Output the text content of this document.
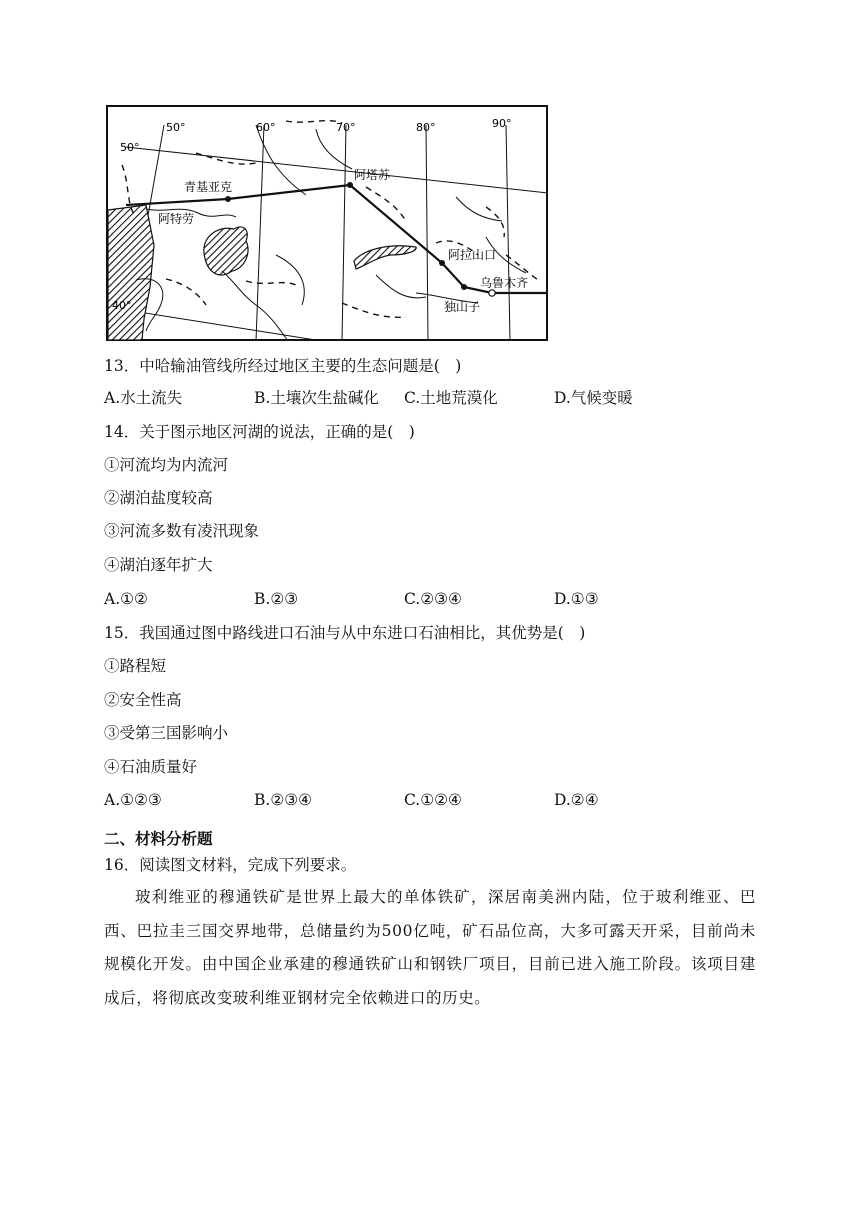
50°	60°	70°	80°	90°
50°
40°
青基亚克
阿特劳
阿塔苏
阿拉山口
乌鲁木齐
独山子
13．中哈输油管线所经过地区主要的生态问题是(　)
A.水土流失	B.土壤次生盐碱化 C.土地荒漠化	D.气候变暖
14．关于图示地区河湖的说法，正确的是(　)
①河流均为内流河
②湖泊盐度较高
③河流多数有凌汛现象
④湖泊逐年扩大
A.①②	B.②③	C.②③④	D.①③
15．我国通过图中路线进口石油与从中东进口石油相比，其优势是(　)
①路程短
②安全性高
③受第三国影响小
④石油质量好
A.①②③	B.②③④	C.①②④	D.②④
二、材料分析题
16．阅读图文材料，完成下列要求。
玻利维亚的穆通铁矿是世界上最大的单体铁矿，深居南美洲内陆，位于玻利维亚、巴西、巴拉圭三国交界地带，总储量约为500亿吨，矿石品位高，大多可露天开采，目前尚未规模化开发。由中国企业承建的穆通铁矿山和钢铁厂项目，目前已进入施工阶段。该项目建成后，将彻底改变玻利维亚钢材完全依赖进口的历史。
